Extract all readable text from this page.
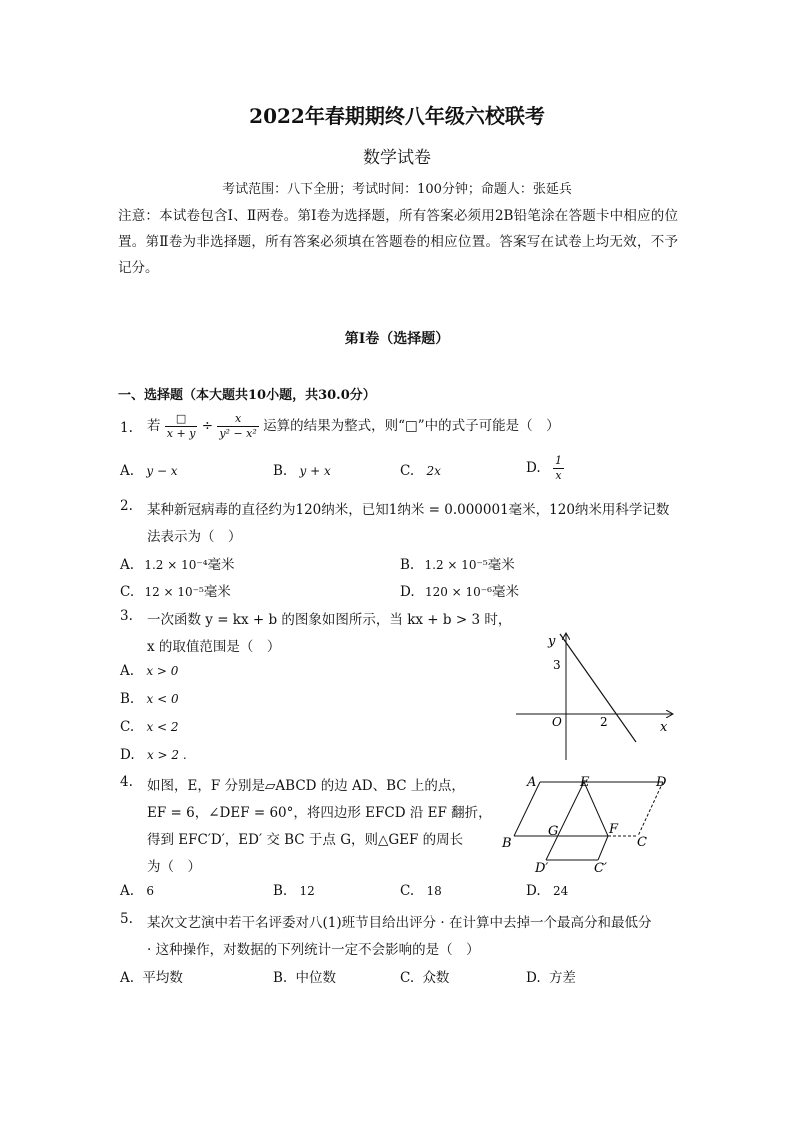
2022年春期期终八年级六校联考
数学试卷
考试范围：八下全册；考试时间：100分钟；命题人：张延兵
注意：本试卷包含Ⅰ、Ⅱ两卷。第Ⅰ卷为选择题，所有答案必须用2B铅笔涂在答题卡中相应的位置。第Ⅱ卷为非选择题，所有答案必须填在答题卷的相应位置。答案写在试卷上均无效，不予记分。
第Ⅰ卷（选择题）
一、选择题（本大题共10小题，共30.0分）
1. 若 $\frac{□}{x + y} \div \frac{x}{\text{y² − x²}}$ 运算的结果为整式，则“□”中的式子可能是（　）
A. y − x	B. y + x	C. 2x	D. $\frac{1}{x}$
2. 某种新冠病毒的直径约为120纳米，已知1纳米 = 0.000001毫米，120纳米用科学记数
法表示为（　）
A. 1.2 × 10⁻⁴毫米	B. 1.2 × 10⁻⁵毫米
C. 12 × 10⁻⁵毫米	D. 120 × 10⁻⁶毫米
3. 一次函数 y = kx + b 的图象如图所示，当 kx + b > 3 时，
x 的取值范围是（　）
A. x > 0
B. x < 0
C. x < 2
D. x > 2 .
y
x
O
3
2
4. 如图，E，F 分别是▱ABCD 的边 AD、BC 上的点，
EF = 6，∠DEF = 60°，将四边形 EFCD 沿 EF 翻折，
得到 EFC′D′，ED′ 交 BC 于点 G，则△GEF 的周长
为（　）
A. 6	B. 12	C. 18	D. 24
A	E	D
G	F
B	C
D′	C′
5. 某次文艺演中若干名评委对八(1)班节目给出评分 · 在计算中去掉一个最高分和最低分
· 这种操作，对数据的下列统计一定不会影响的是（　）
A. 平均数	B. 中位数	C. 众数	D. 方差
